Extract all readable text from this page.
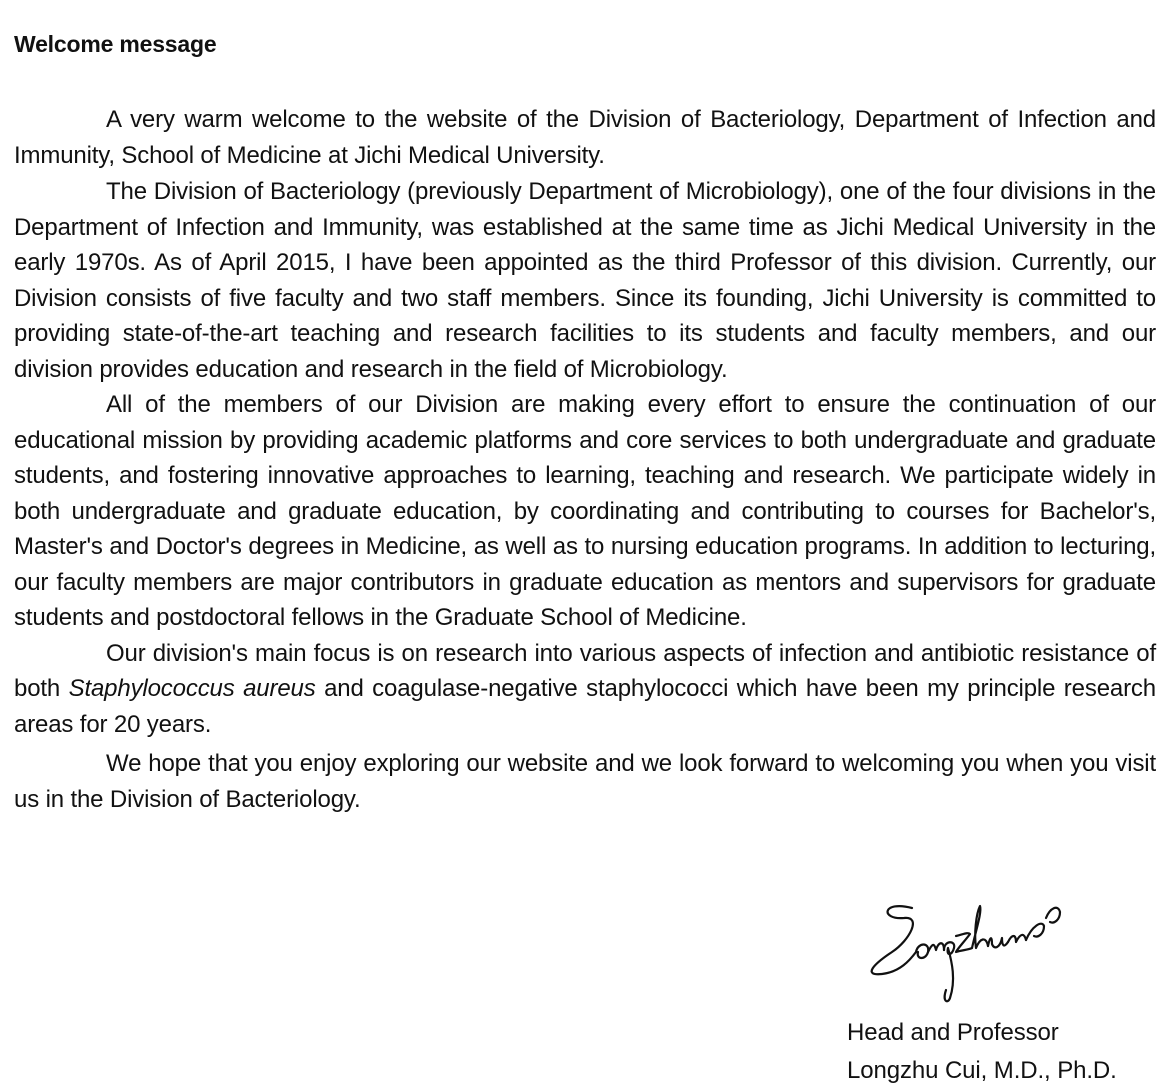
Welcome message

A very warm welcome to the website of the Division of Bacteriology, Department of Infection and Immunity, School of Medicine at Jichi Medical University.

The Division of Bacteriology (previously Department of Microbiology), one of the four divisions in the Department of Infection and Immunity, was established at the same time as Jichi Medical University in the early 1970s. As of April 2015, I have been appointed as the third Professor of this division. Currently, our Division consists of five faculty and two staff members. Since its founding, Jichi University is committed to providing state-of-the-art teaching and research facilities to its students and faculty members, and our division provides education and research in the field of Microbiology.

All of the members of our Division are making every effort to ensure the continuation of our educational mission by providing academic platforms and core services to both undergraduate and graduate students, and fostering innovative approaches to learning, teaching and research. We participate widely in both undergraduate and graduate education, by coordinating and contributing to courses for Bachelor's, Master's and Doctor's degrees in Medicine, as well as to nursing education programs. In addition to lecturing, our faculty members are major contributors in graduate education as mentors and supervisors for graduate students and postdoctoral fellows in the Graduate School of Medicine.

Our division's main focus is on research into various aspects of infection and antibiotic resistance of both Staphylococcus aureus and coagulase-negative staphylococci which have been my principle research areas for 20 years.

We hope that you enjoy exploring our website and we look forward to welcoming you when you visit us in the Division of Bacteriology.

Head and Professor
Longzhu Cui, M.D., Ph.D.
